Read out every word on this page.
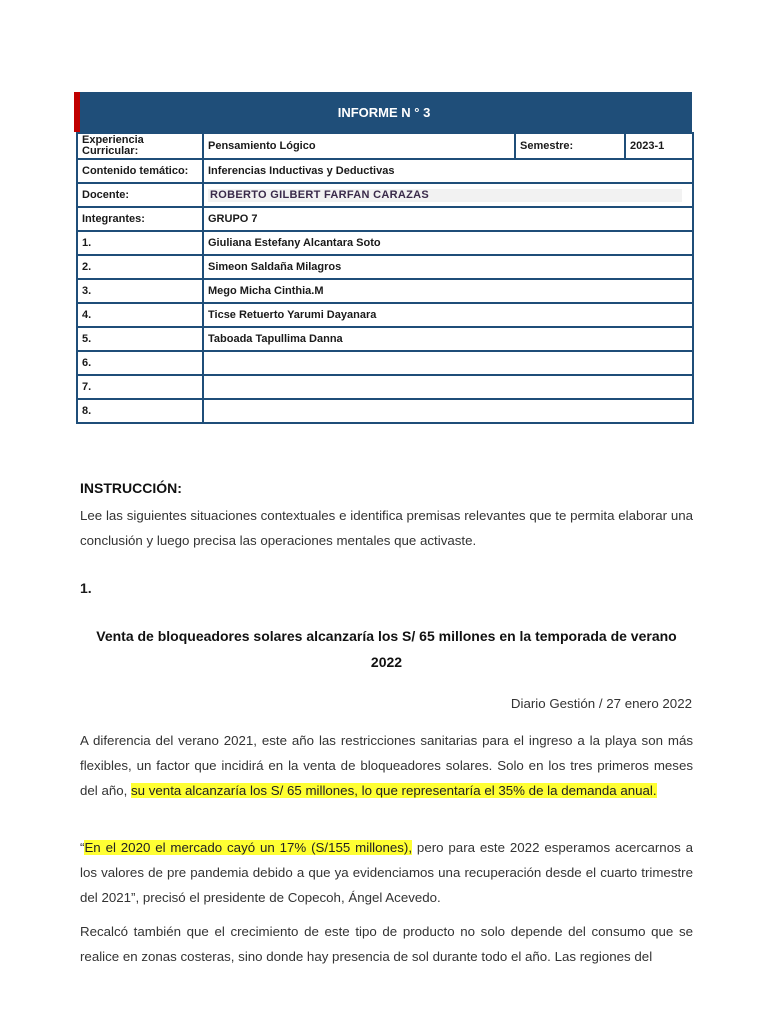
INFORME N ° 3
Experiencia Curricular:	Pensamiento Lógico	Semestre:	2023-1
Contenido temático:	Inferencias Inductivas y Deductivas		
Docente:	ROBERTO GILBERT FARFAN CARAZAS		
Integrantes:	GRUPO 7		
1.	Giuliana Estefany Alcantara Soto		
2.	Simeon Saldaña Milagros		
3.	Mego Micha Cinthia.M		
4.	Ticse Retuerto Yarumi Dayanara		
5.	Taboada Tapullima Danna		
6.			
7.			
8.			
INSTRUCCIÓN:
Lee las siguientes situaciones contextuales e identifica premisas relevantes que te permita elaborar una conclusión y luego precisa las operaciones mentales que activaste.
1.
Venta de bloqueadores solares alcanzaría los S/ 65 millones en la temporada de verano 2022
Diario Gestión / 27 enero 2022
A diferencia del verano 2021, este año las restricciones sanitarias para el ingreso a la playa son más flexibles, un factor que incidirá en la venta de bloqueadores solares. Solo en los tres primeros meses del año, su venta alcanzaría los S/ 65 millones, lo que representaría el 35% de la demanda anual.
“En el 2020 el mercado cayó un 17% (S/155 millones), pero para este 2022 esperamos acercarnos a los valores de pre pandemia debido a que ya evidenciamos una recuperación desde el cuarto trimestre del 2021”, precisó el presidente de Copecoh, Ángel Acevedo.
Recalcó también que el crecimiento de este tipo de producto no solo depende del consumo que se realice en zonas costeras, sino donde hay presencia de sol durante todo el año. Las regiones del
